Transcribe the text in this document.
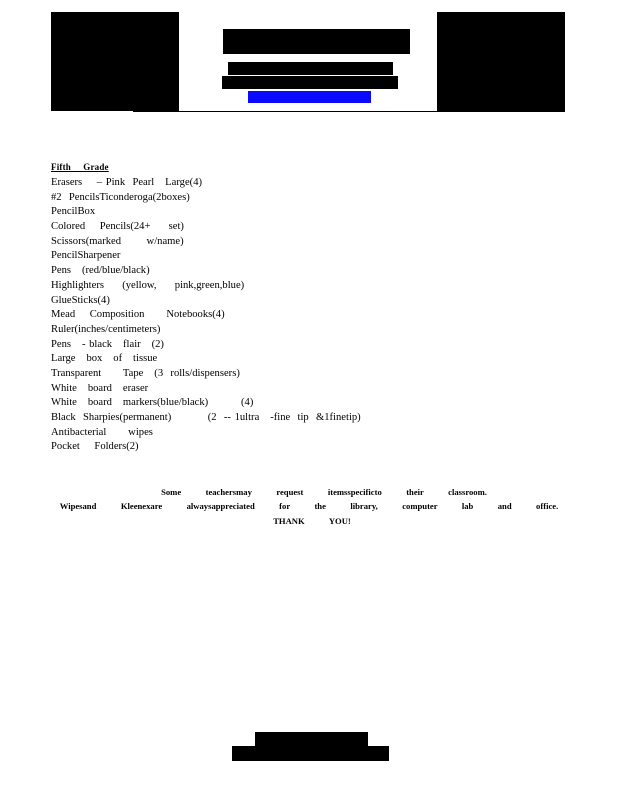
Fifth     Grade
Erasers    – Pink  Pearl   Large(4)
#2  PencilsTiconderoga(2boxes)
PencilBox
Colored    Pencils(24+     set)
Scissors(marked       w/name)
PencilSharpener
Pens   (red/blue/black)
Highlighters     (yellow,     pink,green,blue)
GlueSticks(4)
Mead    Composition      Notebooks(4)
Ruler(inches/centimeters)
Pens   - black   flair   (2)
Large   box   of   tissue
Transparent      Tape   (3  rolls/dispensers)
White   board   eraser
White   board   markers(blue/black)         (4)
Black  Sharpies(permanent)          (2  -- 1ultra   -fine  tip  &1finetip)
Antibacterial      wipes
Pocket    Folders(2)
Some   teachersmay   request   itemsspecificto   their   classroom.
Wipesand   Kleenexare   alwaysappreciated   for   the   library,   computer   lab   and   office.
THANK   YOU!
